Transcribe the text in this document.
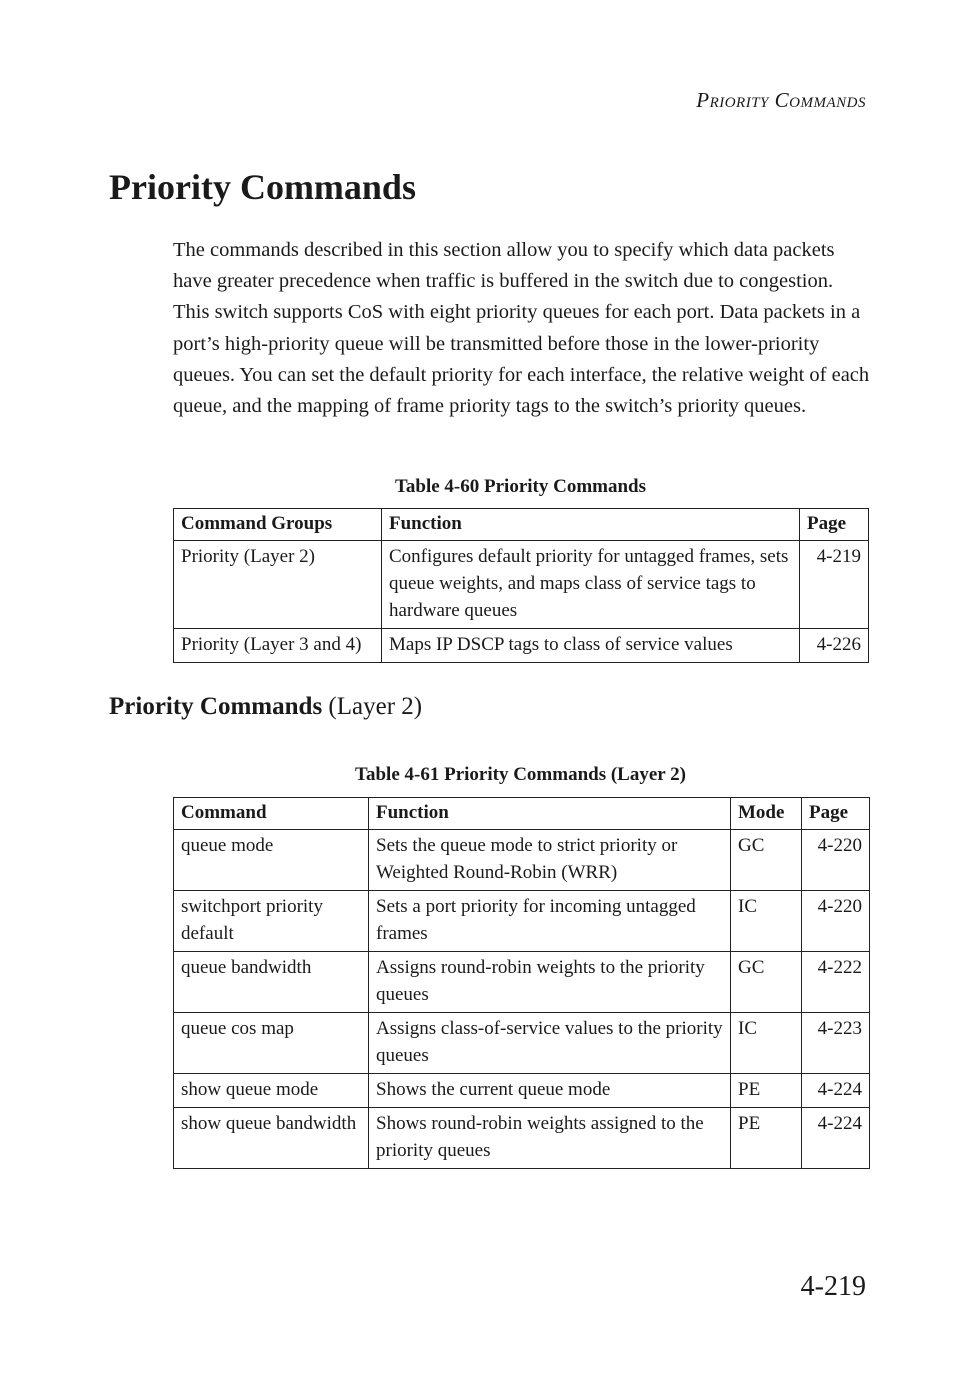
PRIORITY COMMANDS
Priority Commands

The commands described in this section allow you to specify which data packets have greater precedence when traffic is buffered in the switch due to congestion. This switch supports CoS with eight priority queues for each port. Data packets in a port’s high-priority queue will be transmitted before those in the lower-priority queues. You can set the default priority for each interface, the relative weight of each queue, and the mapping of frame priority tags to the switch’s priority queues.

Table 4-60 Priority Commands

Command Groups	Function	Page
Priority (Layer 2)	Configures default priority for untagged frames, sets queue weights, and maps class of service tags to hardware queues	4-219
Priority (Layer 3 and 4)	Maps IP DSCP tags to class of service values	4-226
Priority Commands (Layer 2)

Table 4-61 Priority Commands (Layer 2)

Command	Function	Mode	Page
queue mode	Sets the queue mode to strict priority or Weighted Round-Robin (WRR)	GC	4-220
switchport priority default	Sets a port priority for incoming untagged frames	IC	4-220
queue bandwidth	Assigns round-robin weights to the priority queues	GC	4-222
queue cos map	Assigns class-of-service values to the priority queues	IC	4-223
show queue mode	Shows the current queue mode	PE	4-224
show queue bandwidth	Shows round-robin weights assigned to the priority queues	PE	4-224
4-219
